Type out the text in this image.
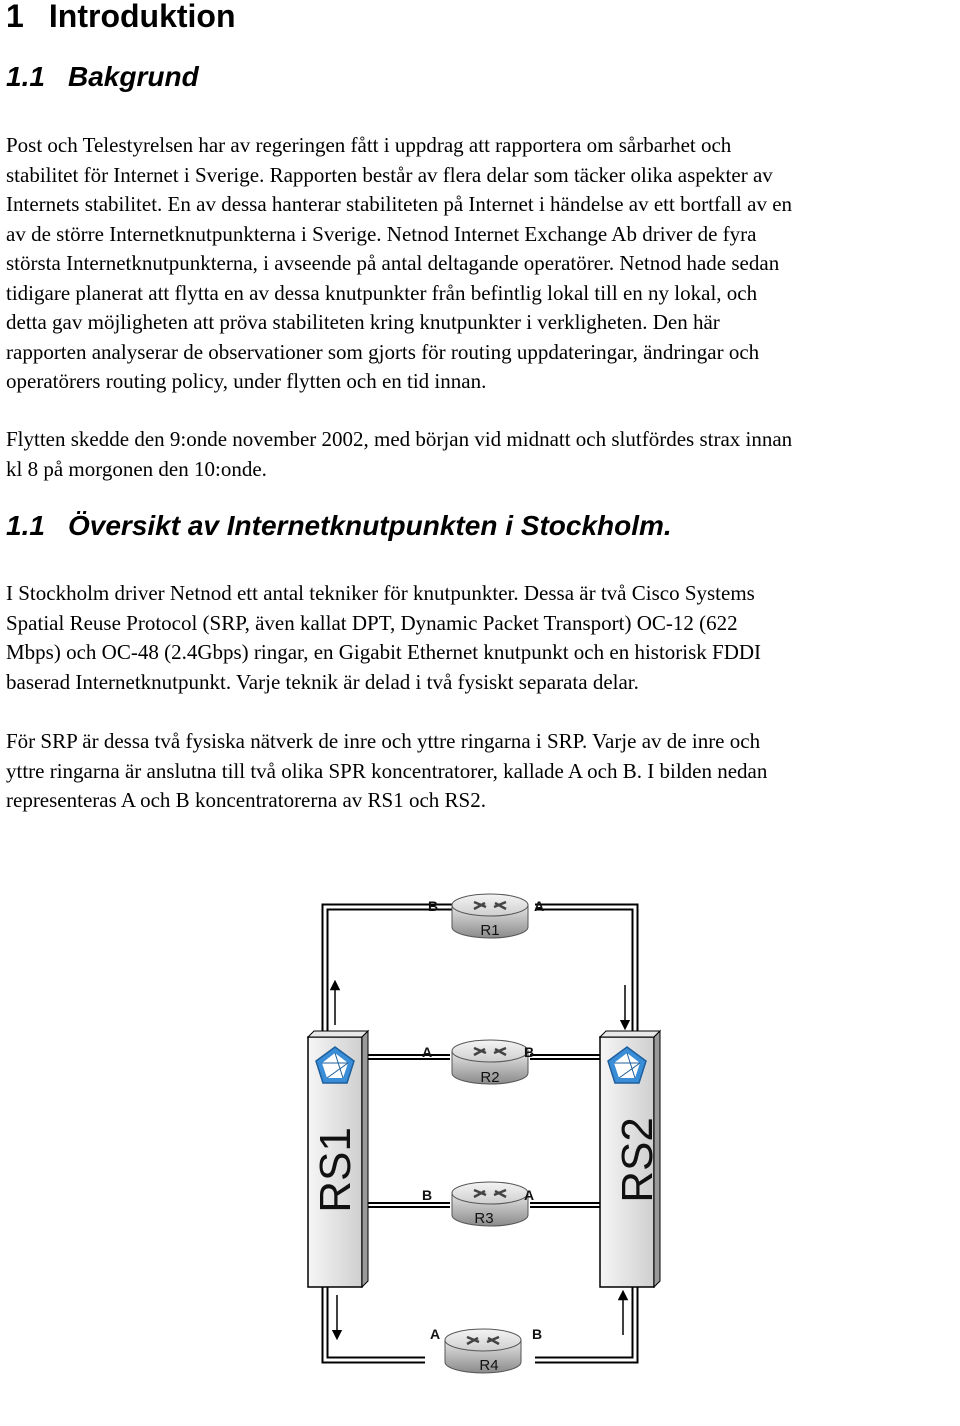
1 Introduktion
1.1 Bakgrund

Post och Telestyrelsen har av regeringen fått i uppdrag att rapportera om sårbarhet och
stabilitet för Internet i Sverige. Rapporten består av flera delar som täcker olika aspekter av
Internets stabilitet. En av dessa hanterar stabiliteten på Internet i händelse av ett bortfall av en
av de större Internetknutpunkterna i Sverige. Netnod Internet Exchange Ab driver de fyra
största Internetknutpunkterna, i avseende på antal deltagande operatörer. Netnod hade sedan
tidigare planerat att flytta en av dessa knutpunkter från befintlig lokal till en ny lokal, och
detta gav möjligheten att pröva stabiliteten kring knutpunkter i verkligheten. Den här
rapporten analyserar de observationer som gjorts för routing uppdateringar, ändringar och
operatörers routing policy, under flytten och en tid innan.

Flytten skedde den 9:onde november 2002, med början vid midnatt och slutfördes strax innan
kl 8 på morgonen den 10:onde.

1.1 Översikt av Internetknutpunkten i Stockholm.

I Stockholm driver Netnod ett antal tekniker för knutpunkter. Dessa är två Cisco Systems
Spatial Reuse Protocol (SRP, även kallat DPT, Dynamic Packet Transport) OC-12 (622
Mbps) och OC-48 (2.4Gbps) ringar, en Gigabit Ethernet knutpunkt och en historisk FDDI
baserad Internetknutpunkt. Varje teknik är delad i två fysiskt separata delar.

För SRP är dessa två fysiska nätverk de inre och yttre ringarna i SRP. Varje av de inre och
yttre ringarna är anslutna till två olika SPR koncentratorer, kallade A och B. I bilden nedan
representeras A och B koncentratorerna av RS1 och RS2.

RS1	RS2
R1
B	A
R2
A	B
R3
B	A
R4
A	B
